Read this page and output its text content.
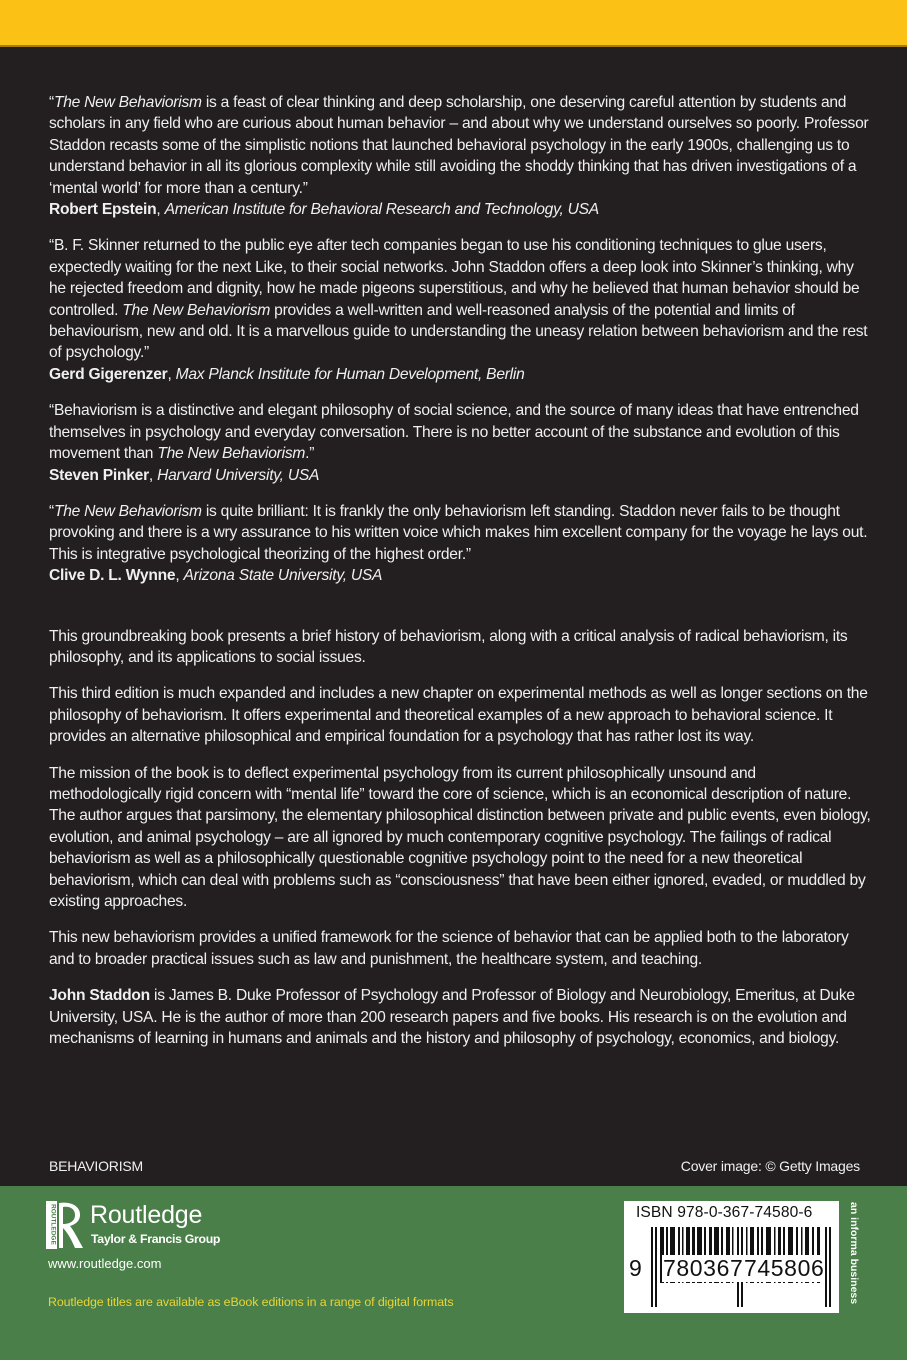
“The New Behaviorism is a feast of clear thinking and deep scholarship, one deserving careful attention by students and scholars in any field who are curious about human behavior – and about why we understand ourselves so poorly. Professor Staddon recasts some of the simplistic notions that launched behavioral psychology in the early 1900s, challenging us to understand behavior in all its glorious complexity while still avoiding the shoddy thinking that has driven investigations of a ‘mental world’ for more than a century.”
Robert Epstein, American Institute for Behavioral Research and Technology, USA
“B. F. Skinner returned to the public eye after tech companies began to use his conditioning techniques to glue users, expectedly waiting for the next Like, to their social networks. John Staddon offers a deep look into Skinner’s thinking, why he rejected freedom and dignity, how he made pigeons superstitious, and why he believed that human behavior should be controlled. The New Behaviorism provides a well-written and well-reasoned analysis of the potential and limits of behaviourism, new and old. It is a marvellous guide to understanding the uneasy relation between behaviorism and the rest of psychology.”
Gerd Gigerenzer, Max Planck Institute for Human Development, Berlin
“Behaviorism is a distinctive and elegant philosophy of social science, and the source of many ideas that have entrenched themselves in psychology and everyday conversation. There is no better account of the substance and evolution of this movement than The New Behaviorism.”
Steven Pinker, Harvard University, USA
“The New Behaviorism is quite brilliant: It is frankly the only behaviorism left standing. Staddon never fails to be thought provoking and there is a wry assurance to his written voice which makes him excellent company for the voyage he lays out. This is integrative psychological theorizing of the highest order.”
Clive D. L. Wynne, Arizona State University, USA

This groundbreaking book presents a brief history of behaviorism, along with a critical analysis of radical behaviorism, its philosophy, and its applications to social issues.

This third edition is much expanded and includes a new chapter on experimental methods as well as longer sections on the philosophy of behaviorism. It offers experimental and theoretical examples of a new approach to behavioral science. It provides an alternative philosophical and empirical foundation for a psychology that has rather lost its way.

The mission of the book is to deflect experimental psychology from its current philosophically unsound and methodologically rigid concern with “mental life” toward the core of science, which is an economical description of nature. The author argues that parsimony, the elementary philosophical distinction between private and public events, even biology, evolution, and animal psychology – are all ignored by much contemporary cognitive psychology. The failings of radical behaviorism as well as a philosophically questionable cognitive psychology point to the need for a new theoretical behaviorism, which can deal with problems such as “consciousness” that have been either ignored, evaded, or muddled by existing approaches.

This new behaviorism provides a unified framework for the science of behavior that can be applied both to the laboratory and to broader practical issues such as law and punishment, the healthcare system, and teaching.

John Staddon is James B. Duke Professor of Psychology and Professor of Biology and Neurobiology, Emeritus, at Duke University, USA. He is the author of more than 200 research papers and five books. His research is on the evolution and mechanisms of learning in humans and animals and the history and philosophy of psychology, economics, and biology.

BEHAVIORISM	Cover image: © Getty Images
ROUTLEDGE Routledge
Taylor & Francis Group
www.routledge.com
Routledge titles are available as eBook editions in a range of digital formats
ISBN 978-0-367-74580-6
9 780367 745806 an informa business
